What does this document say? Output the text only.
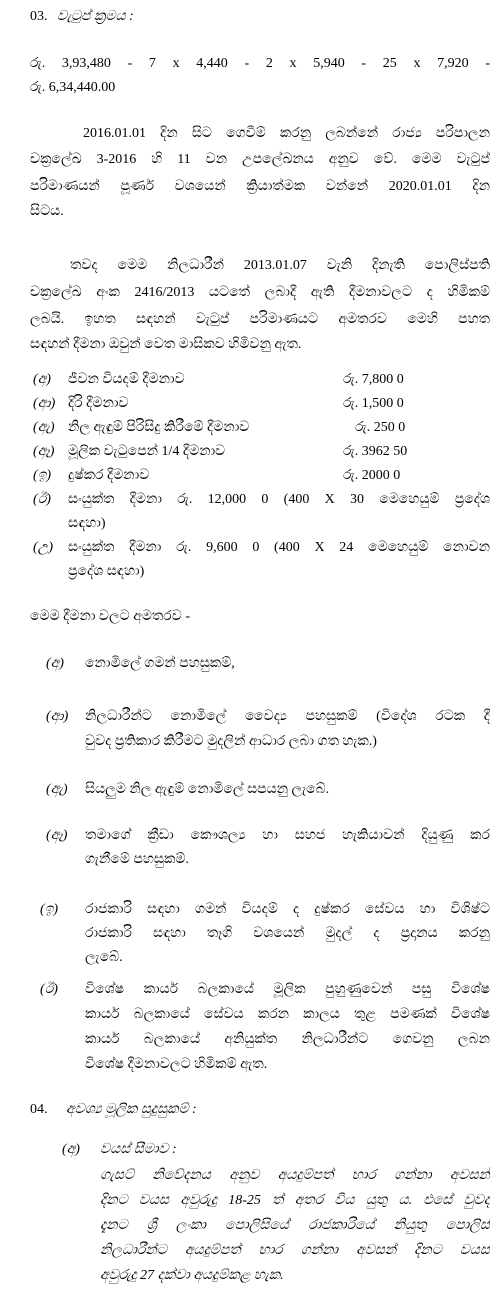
03. වැටුප් ක්‍රමය :
රු. 3,93,480 - 7 x 4,440 - 2 x 5,940 - 25 x 7,920 -
රු. 6,34,440.00
2016.01.01 දින සිට ගෙවීම් කරනු ලබන්නේ රාජ්‍ය පරිපාලන
චක්‍රලේඛ 3-2016 හි 11 වන උපලේඛනය අනුව වේ. මෙම වැටුප්
පරිමාණයන් පූර්ණ වශයෙන් ක්‍රියාත්මක වන්නේ 2020.01.01 දින
සිටය.
තවද මෙම නිලධාරීන් 2013.01.07 වැනි දිනැති පොලිස්පති
චක්‍රලේඛ අංක 2416/2013 යටතේ ලබාදී ඇති දීමනාවලට ද හිමිකම්
ලබයි. ඉහත සඳහන් වැටුප් පරිමාණයට අමතරව මෙහි පහත
සඳහන් දීමනා ඔවුන් වෙත මාසිකව හිමිවනු ඇත.
(අ)	ජීවන වියදම් දීමනාව	රු. 7,800 0
(ආ) දිරි දීමනාව	රු. 1,500 0
(ඇ) නිල ඇඳුම් පිරිසිදු කිරීමේ දීමනාව	රු. 250 0
(ඈ) මූලික වැටුපෙන් 1/4 දීමනාව	රු. 3962 50
(ඉ)	දුෂ්කර දීමනාව	රු. 2000 0
(ඊ)	සංයුක්ත දීමනා රු. 12,000 0 (400 X 30 මෙහෙයුම් ප්‍රදේශ
සඳහා)
(උ)	සංයුක්ත දීමනා රු. 9,600 0 (400 X 24 මෙහෙයුම් නොවන
ප්‍රදේශ සඳහා)
මෙම දීමනා වලට අමතරව -
(අ)	නොමිලේ ගමන් පහසුකම්,
(ආ)	නිලධාරීන්ට නොමිලේ වෛද්‍ය පහසුකම් (විදේශ රටක දී
වුවද ප්‍රතිකාර කිරීමට මුදලින් ආධාර ලබා ගත හැක.)
(ඇ)	සියලුම නිල ඇඳුම් නොමිලේ සපයනු ලැබේ.
(ඈ)	තමාගේ ක්‍රීඩා කෞශල්‍ය හා සහජ හැකියාවන් දියුණු කර
ගැනීමේ පහසුකම්.
(ඉ)	රාජකාරි සඳහා ගමන් වියදම් ද දුෂ්කර සේවය හා විශිෂ්ට
රාජකාරි සඳහා තෑගි වශයෙන් මුදල් ද ප්‍රදානය කරනු
ලැබේ.
(ඊ)	විශේෂ කාර්ය බලකායේ මූලික පුහුණුවෙන් පසු විශේෂ
කාර්ය බලකායේ සේවය කරන කාලය තුළ පමණක් විශේෂ
කාර්ය බලකායේ අනියුක්ත නිලධාරීන්ට ගෙවනු ලබන
විශේෂ දීමනාවලට හිමිකම් ඇත.
04.	අවශ්‍ය මූලික සුදුසුකම් :
(අ)	වයස් සීමාව :
ගැසට් නිවේදනය අනුව අයදුම්පත් භාර ගන්නා අවසන්
දිනට වයස අවුරුදු 18-25 ත් අතර විය යුතු ය. එසේ වුවද
දැනට ශ්‍රී ලංකා පොලිසියේ රාජකාරියේ නියුතු පොලිස්
නිලධාරීන්ට අයදුම්පත් භාර ගන්නා අවසන් දිනට වයස
අවුරුදු 27 දක්වා අයදුම්කළ හැක.
